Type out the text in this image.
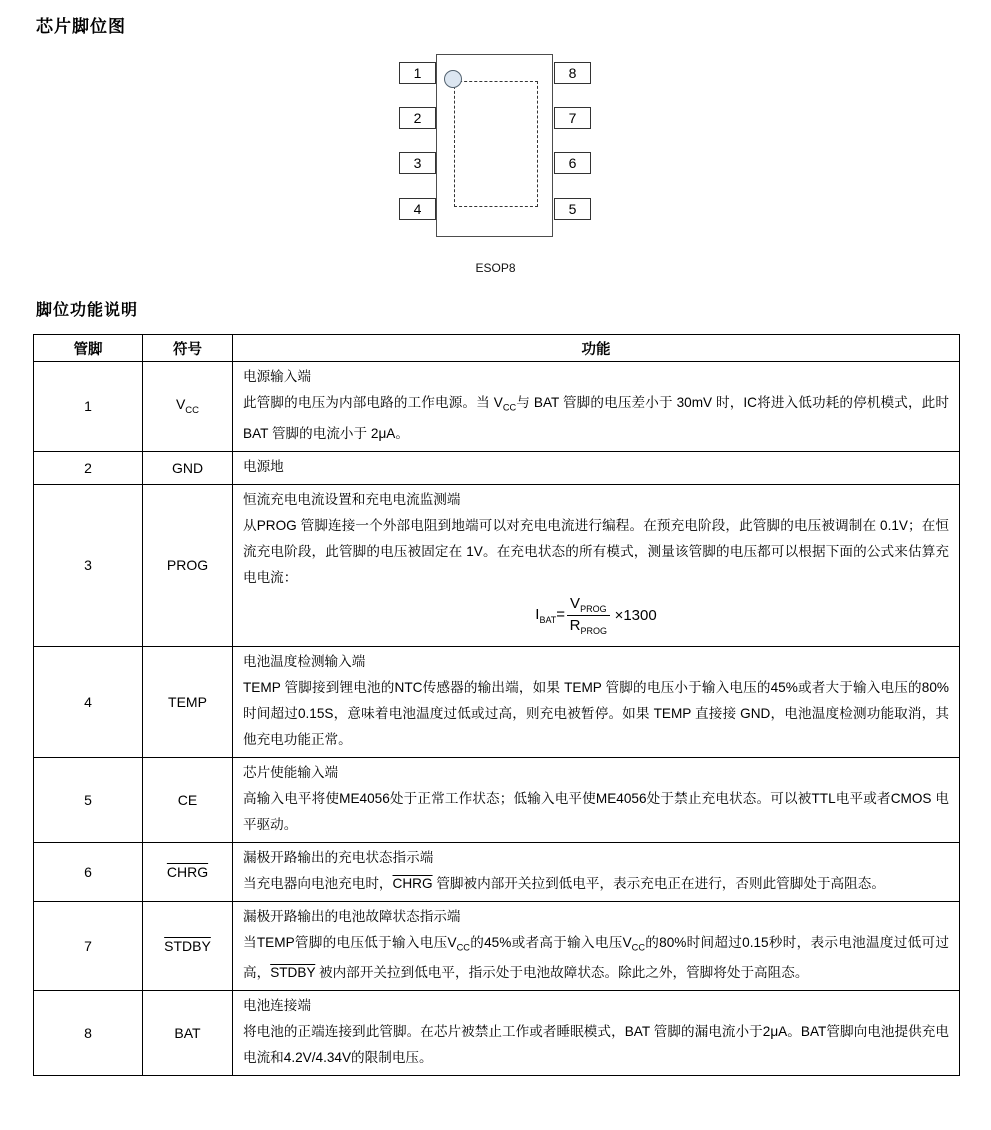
芯片脚位图
1
2
3
4
8
7
6
5
ESOP8
脚位功能说明
管脚	符号	功能
1	$V_{CC}$	电源输入端
此管脚的电压为内部电路的工作电源。当 $V_{CC}$与 BAT 管脚的电压差小于 30mV 时，IC将进入低功耗的停机模式，此时 BAT 管脚的电流小于 2μA。

2	GND	电源地

3	PROG	
恒流充电电流设置和充电电流监测端
从PROG 管脚连接一个外部电阻到地端可以对充电电流进行编程。在预充电阶段，此管脚的电压被调制在 0.1V；在恒流充电阶段，此管脚的电压被固定在 1V。在充电状态的所有模式，测量该管脚的电压都可以根据下面的公式来估算充电电流：
$I_{BAT}= \frac{V_{PROG}}{R_{PROG}} \times 1300$

4	TEMP	电池温度检测输入端
TEMP 管脚接到锂电池的NTC传感器的输出端，如果 TEMP 管脚的电压小于输入电压的45%或者大于输入电压的80%时间超过0.15S，意味着电池温度过低或过高，则充电被暂停。如果 TEMP 直接接 GND，电池温度检测功能取消，其他充电功能正常。

5	CE	芯片使能输入端
高输入电平将使ME4056处于正常工作状态；低输入电平使ME4056处于禁止充电状态。可以被TTL电平或者CMOS 电平驱动。

6	CHRG	漏极开路输出的充电状态指示端
当充电器向电池充电时，CHRG 管脚被内部开关拉到低电平，表示充电正在进行，否则此管脚处于高阻态。

7	STDBY	漏极开路输出的电池故障状态指示端
当TEMP管脚的电压低于输入电压$V_{CC}$的45%或者高于输入电压$V_{CC}$的80%时间超过0.15秒时，表示电池温度过低可过高，STDBY 被内部开关拉到低电平，指示处于电池故障状态。除此之外，管脚将处于高阻态。

8	BAT	电池连接端
将电池的正端连接到此管脚。在芯片被禁止工作或者睡眠模式，BAT 管脚的漏电流小于2μA。BAT管脚向电池提供充电电流和4.2V/4.34V的限制电压。
